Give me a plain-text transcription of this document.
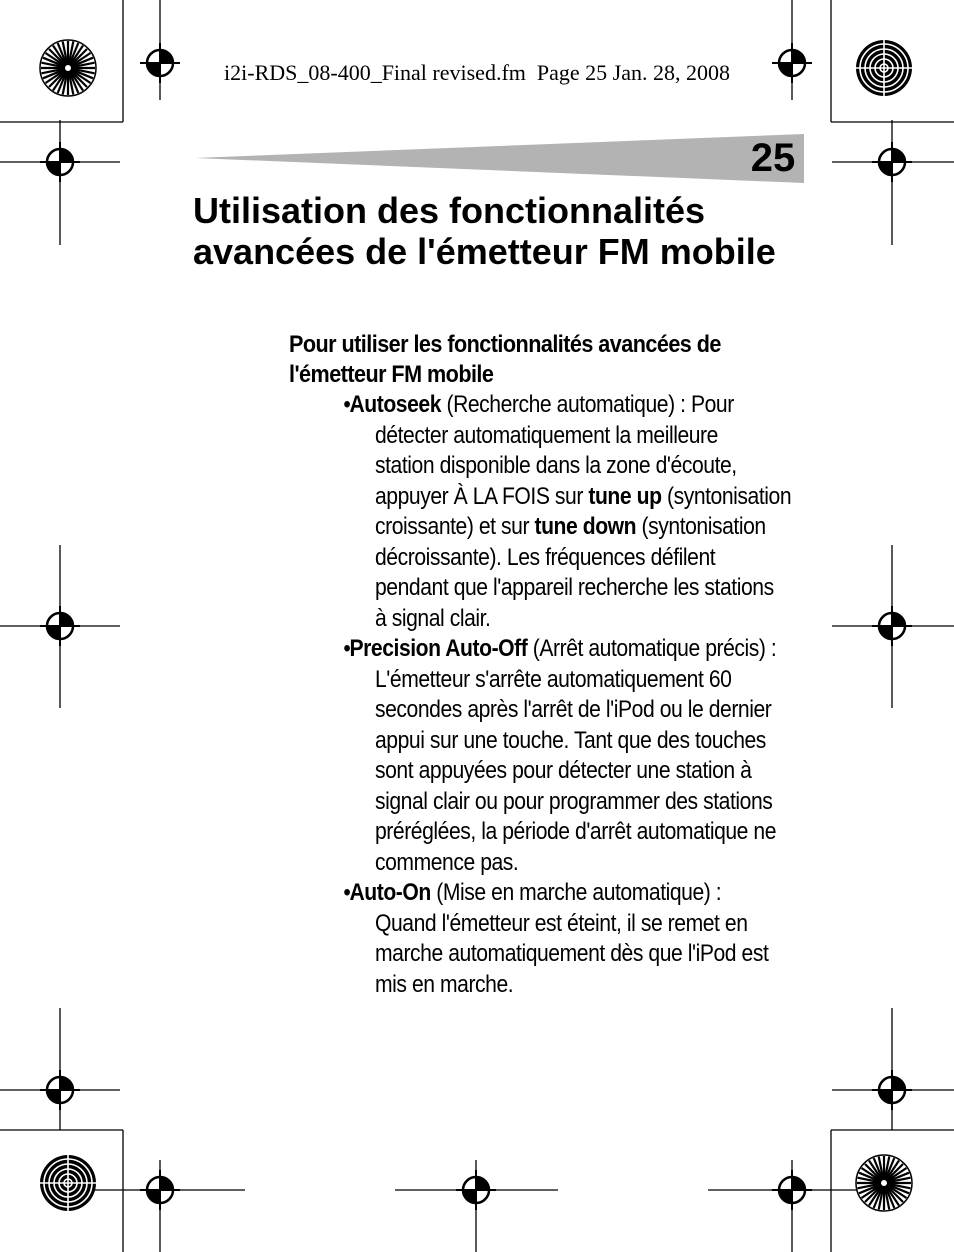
i2i-RDS_08-400_Final revised.fm  Page 25 Jan. 28, 2008
25
Utilisation des fonctionnalités avancées de l'émetteur FM mobile
Pour utiliser les fonctionnalités avancées de l'émetteur FM mobile
• Autoseek (Recherche automatique) : Pour
détecter automatiquement la meilleure
station disponible dans la zone d'écoute,
appuyer À LA FOIS sur tune up (syntonisation
croissante) et sur tune down (syntonisation
décroissante). Les fréquences défilent
pendant que l'appareil recherche les stations
à signal clair.
• Precision Auto-Off (Arrêt automatique précis) :
L'émetteur s'arrête automatiquement 60
secondes après l'arrêt de l'iPod ou le dernier
appui sur une touche. Tant que des touches
sont appuyées pour détecter une station à
signal clair ou pour programmer des stations
préréglées, la période d'arrêt automatique ne
commence pas.
• Auto-On (Mise en marche automatique) :
Quand l'émetteur est éteint, il se remet en
marche automatiquement dès que l'iPod est
mis en marche.
